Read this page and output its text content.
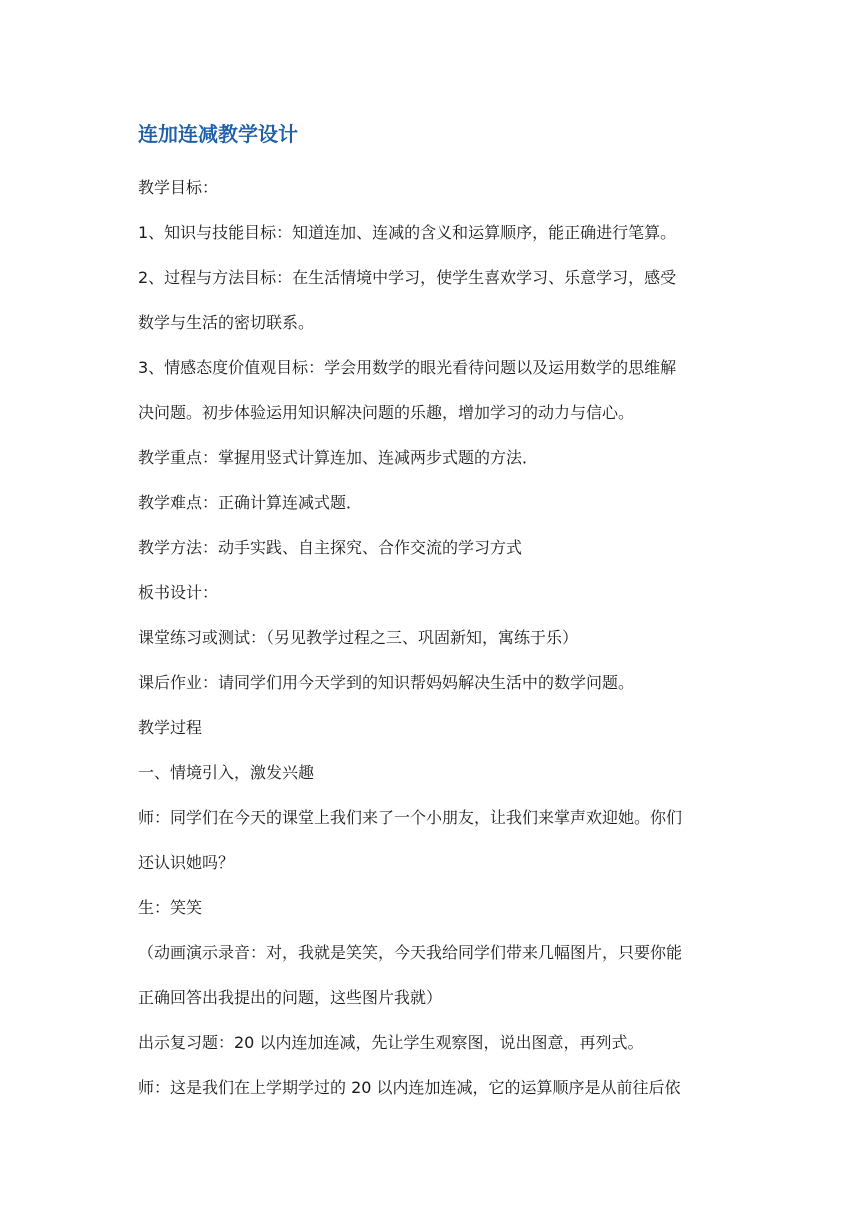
连加连减教学设计

教学目标：

1、知识与技能目标：知道连加、连减的含义和运算顺序，能正确进行笔算。

2、过程与方法目标：在生活情境中学习，使学生喜欢学习、乐意学习，感受

数学与生活的密切联系。

3、情感态度价值观目标：学会用数学的眼光看待问题以及运用数学的思维解

决问题。初步体验运用知识解决问题的乐趣，增加学习的动力与信心。

教学重点：掌握用竖式计算连加、连减两步式题的方法．

教学难点：正确计算连减式题．

教学方法：动手实践、自主探究、合作交流的学习方式

板书设计：

课堂练习或测试：（另见教学过程之三、巩固新知，寓练于乐）

课后作业：请同学们用今天学到的知识帮妈妈解决生活中的数学问题。

教学过程

一、情境引入，激发兴趣

师：同学们在今天的课堂上我们来了一个小朋友，让我们来掌声欢迎她。你们

还认识她吗？

生：笑笑

（动画演示录音：对，我就是笑笑，今天我给同学们带来几幅图片，只要你能

正确回答出我提出的问题，这些图片我就）

出示复习题：20 以内连加连减，先让学生观察图，说出图意，再列式。

师：这是我们在上学期学过的 20 以内连加连减，它的运算顺序是从前往后依
